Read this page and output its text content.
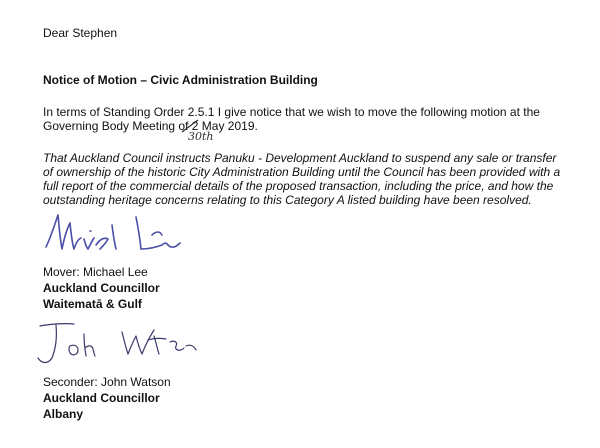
Dear Stephen
Notice of Motion – Civic Administration Building
In terms of Standing Order 2.5.1 I give notice that we wish to move the following motion at the
Governing Body Meeting of 2 May 2019.
30th
That Auckland Council instructs Panuku - Development Auckland to suspend any sale or transfer
of ownership of the historic City Administration Building until the Council has been provided with a
full report of the commercial details of the proposed transaction, including the price, and how the
outstanding heritage concerns relating to this Category A listed building have been resolved.
Mover: Michael Lee
Auckland Councillor
Waitematā & Gulf
Seconder: John Watson
Auckland Councillor
Albany
